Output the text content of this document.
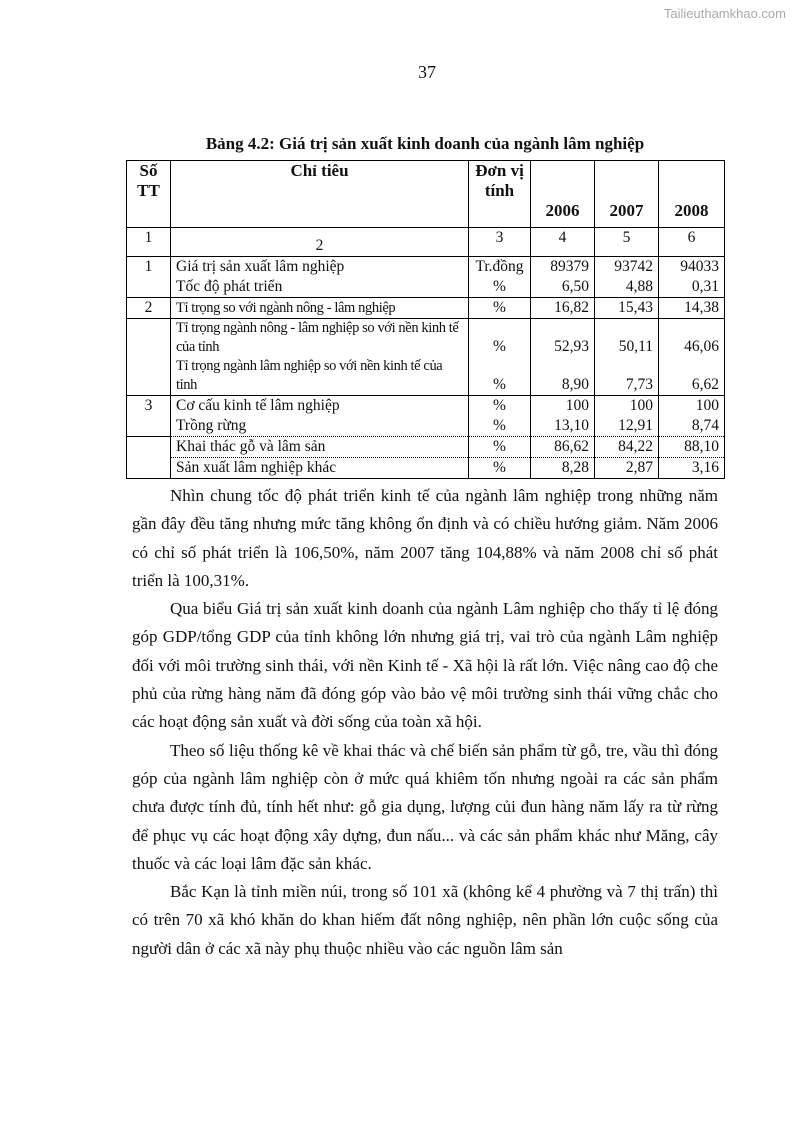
Tailieuthamkhao.com
37
Bảng 4.2: Giá trị sản xuất kinh doanh của ngành lâm nghiệp
Số TT	Chỉ tiêu	Đơn vị tính	2006	2007	2008
1	2	3	4	5	6
1	Giá trị sản xuất lâm nghiệp	Tr.đồng	89379	93742	94033
	Tốc độ phát triển	%	6,50	4,88	0,31
2	Tỉ trọng so với ngành nông - lâm nghiệp	%	16,82	15,43	14,38
	Tỉ trọng ngành nông - lâm nghiệp so với nền kinh tế của tỉnh	%	52,93	50,11	46,06
	Tỉ trọng ngành lâm nghiệp so với nền kinh tế của tỉnh	%	8,90	7,73	6,62
3	Cơ cấu kinh tế lâm nghiệp	%	100	100	100
	Trồng rừng	%	13,10	12,91	8,74
	Khai thác gỗ và lâm sản	%	86,62	84,22	88,10
	Sản xuất lâm nghiệp khác	%	8,28	2,87	3,16

Nhìn chung tốc độ phát triển kinh tế của ngành lâm nghiệp trong những năm gần đây đều tăng nhưng mức tăng không ổn định và có chiều hướng giảm. Năm 2006 có chỉ số phát triển là 106,50%, năm 2007 tăng 104,88% và năm 2008 chỉ số phát triển là 100,31%.

Qua biểu Giá trị sản xuất kinh doanh của ngành Lâm nghiệp cho thấy tỉ lệ đóng góp GDP/tổng GDP của tỉnh không lớn nhưng giá trị, vai trò của ngành Lâm nghiệp đối với môi trường sinh thái, với nền Kinh tế - Xã hội là rất lớn. Việc nâng cao độ che phủ của rừng hàng năm đã đóng góp vào bảo vệ môi trường sinh thái vững chắc cho các hoạt động sản xuất và đời sống của toàn xã hội.

Theo số liệu thống kê về khai thác và chế biến sản phẩm từ gỗ, tre, vầu thì đóng góp của ngành lâm nghiệp còn ở mức quá khiêm tốn nhưng ngoài ra các sản phẩm chưa được tính đủ, tính hết như: gỗ gia dụng, lượng củi đun hàng năm lấy ra từ rừng để phục vụ các hoạt động xây dựng, đun nấu... và các sản phẩm khác như Măng, cây thuốc và các loại lâm đặc sản khác.

Bắc Kạn là tỉnh miền núi, trong số 101 xã (không kể 4 phường và 7 thị trấn) thì có trên 70 xã khó khăn do khan hiếm đất nông nghiệp, nên phần lớn cuộc sống của người dân ở các xã này phụ thuộc nhiều vào các nguồn lâm sản
